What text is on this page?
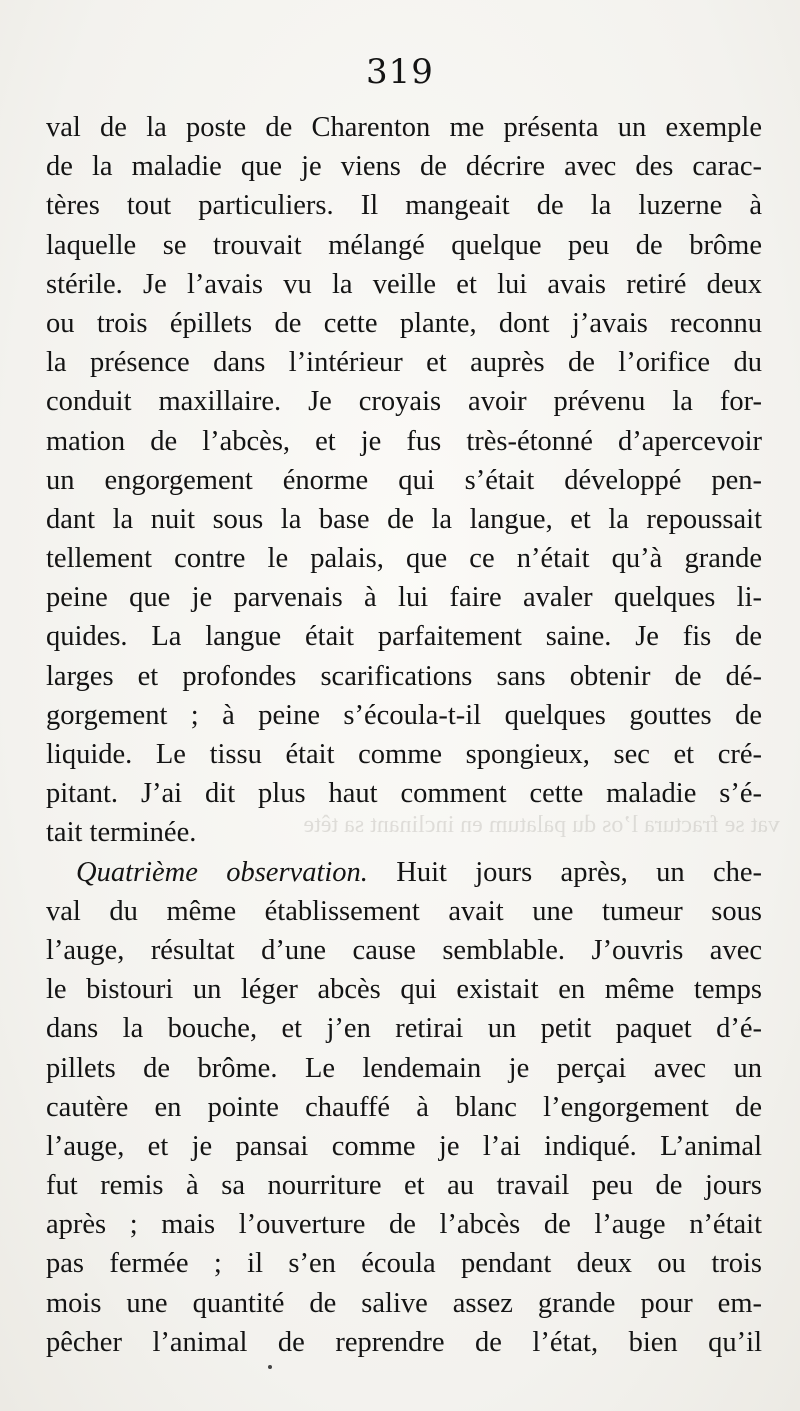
319
vat se fractura l’os du palatum en inclinant sa tête
val de la poste de Charenton me présenta un exemple
de la maladie que je viens de décrire avec des carac-
tères tout particuliers. Il mangeait de la luzerne à
laquelle se trouvait mélangé quelque peu de brôme
stérile. Je l’avais vu la veille et lui avais retiré deux
ou trois épillets de cette plante, dont j’avais reconnu
la présence dans l’intérieur et auprès de l’orifice du
conduit maxillaire. Je croyais avoir prévenu la for-
mation de l’abcès, et je fus très-étonné d’apercevoir
un engorgement énorme qui s’était développé pen-
dant la nuit sous la base de la langue, et la repoussait
tellement contre le palais, que ce n’était qu’à grande
peine que je parvenais à lui faire avaler quelques li-
quides. La langue était parfaitement saine. Je fis de
larges et profondes scarifications sans obtenir de dé-
gorgement ; à peine s’écoula-t-il quelques gouttes de
liquide. Le tissu était comme spongieux, sec et cré-
pitant. J’ai dit plus haut comment cette maladie s’é-
tait terminée.
Quatrième observation. Huit jours après, un che-
val du même établissement avait une tumeur sous
l’auge, résultat d’une cause semblable. J’ouvris avec
le bistouri un léger abcès qui existait en même temps
dans la bouche, et j’en retirai un petit paquet d’é-
pillets de brôme. Le lendemain je perçai avec un
cautère en pointe chauffé à blanc l’engorgement de
l’auge, et je pansai comme je l’ai indiqué. L’animal
fut remis à sa nourriture et au travail peu de jours
après ; mais l’ouverture de l’abcès de l’auge n’était
pas fermée ; il s’en écoula pendant deux ou trois
mois une quantité de salive assez grande pour em-
pêcher l’animal de reprendre de l’état, bien qu’il
